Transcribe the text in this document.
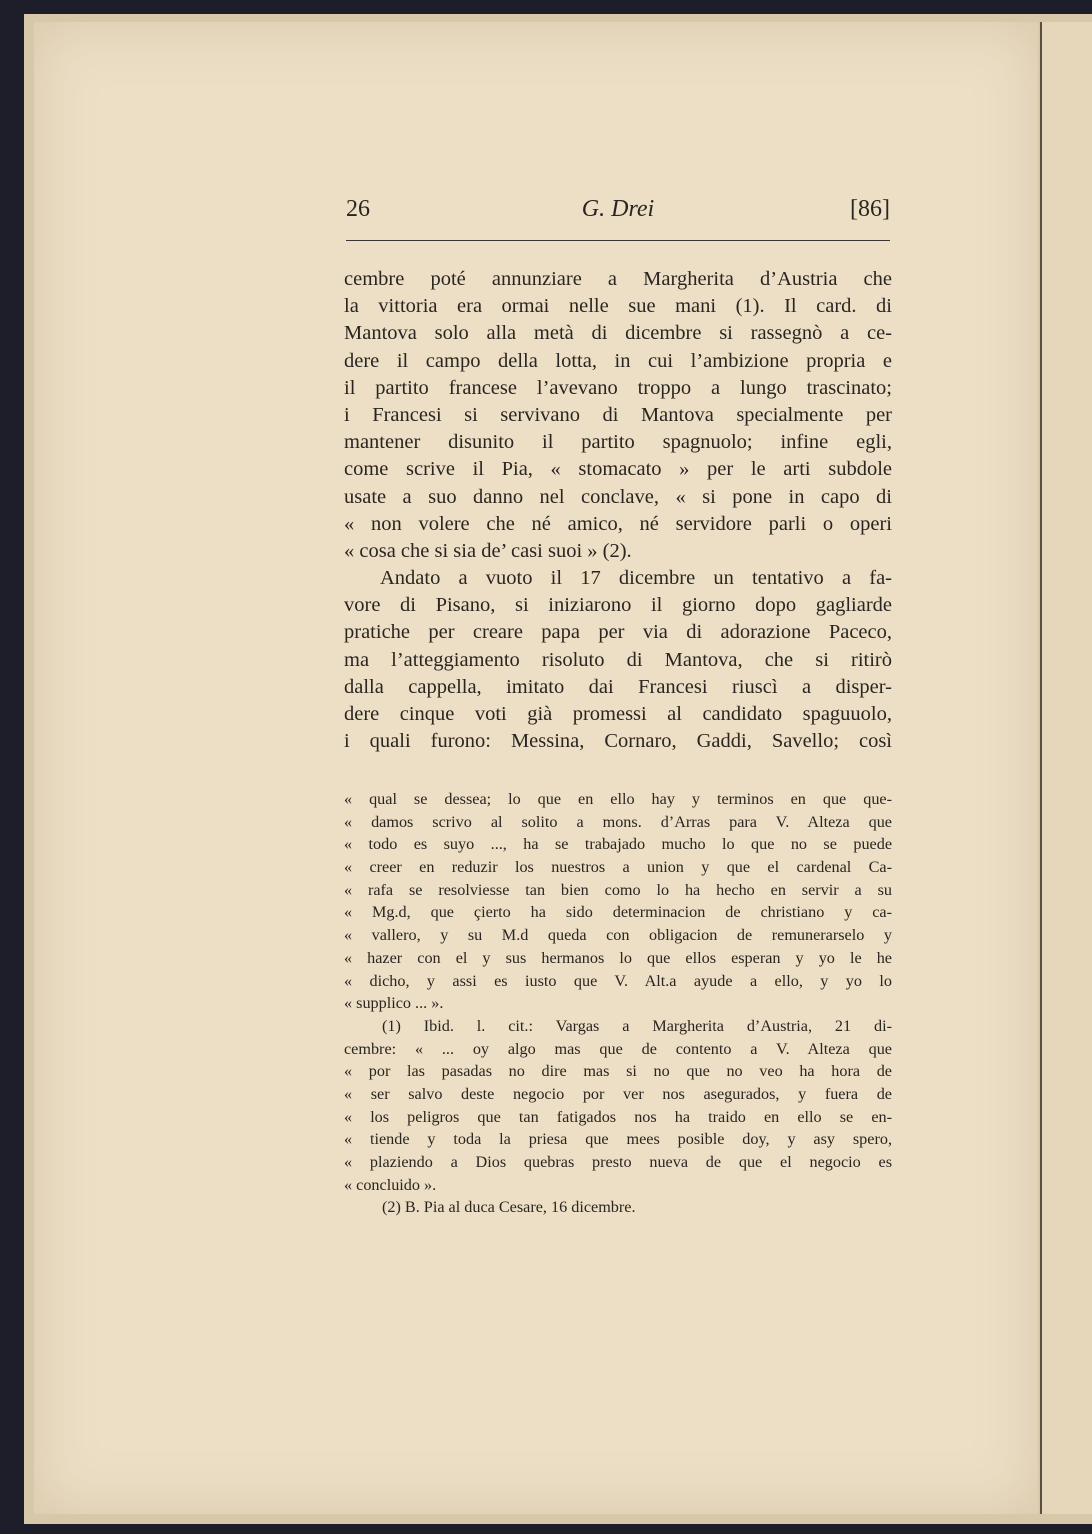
26	G. Drei	[86]
cembre poté annunziare a Margherita d’Austria che
la vittoria era ormai nelle sue mani (1). Il card. di
Mantova solo alla metà di dicembre si rassegnò a ce-
dere il campo della lotta, in cui l’ambizione propria e
il partito francese l’avevano troppo a lungo trascinato;
i Francesi si servivano di Mantova specialmente per
mantener disunito il partito spagnuolo; infine egli,
come scrive il Pia, « stomacato » per le arti subdole
usate a suo danno nel conclave, « si pone in capo di
« non volere che né amico, né servidore parli o operi
« cosa che si sia de’ casi suoi » (2).
Andato a vuoto il 17 dicembre un tentativo a fa-
vore di Pisano, si iniziarono il giorno dopo gagliarde
pratiche per creare papa per via di adorazione Paceco,
ma l’atteggiamento risoluto di Mantova, che si ritirò
dalla cappella, imitato dai Francesi riuscì a disper-
dere cinque voti già promessi al candidato spaguuolo,
i quali furono: Messina, Cornaro, Gaddi, Savello; così
« qual se dessea; lo que en ello hay y terminos en que que-
« damos scrivo al solito a mons. d’Arras para V. Alteza que
« todo es suyo ..., ha se trabajado mucho lo que no se puede
« creer en reduzir los nuestros a union y que el cardenal Ca-
« rafa se resolviesse tan bien como lo ha hecho en servir a su
« Mg.d, que çierto ha sido determinacion de christiano y ca-
« vallero, y su M.d queda con obligacion de remunerarselo y
« hazer con el y sus hermanos lo que ellos esperan y yo le he
« dicho, y assi es iusto que V. Alt.a ayude a ello, y yo lo
« supplico ... ».
(1) Ibid. l. cit.: Vargas a Margherita d’Austria, 21 di-
cembre: « ... oy algo mas que de contento a V. Alteza que
« por las pasadas no dire mas si no que no veo ha hora de
« ser salvo deste negocio por ver nos asegurados, y fuera de
« los peligros que tan fatigados nos ha traido en ello se en-
« tiende y toda la priesa que mees posible doy, y asy spero,
« plaziendo a Dios quebras presto nueva de que el negocio es
« concluido ».
(2) B. Pia al duca Cesare, 16 dicembre.
